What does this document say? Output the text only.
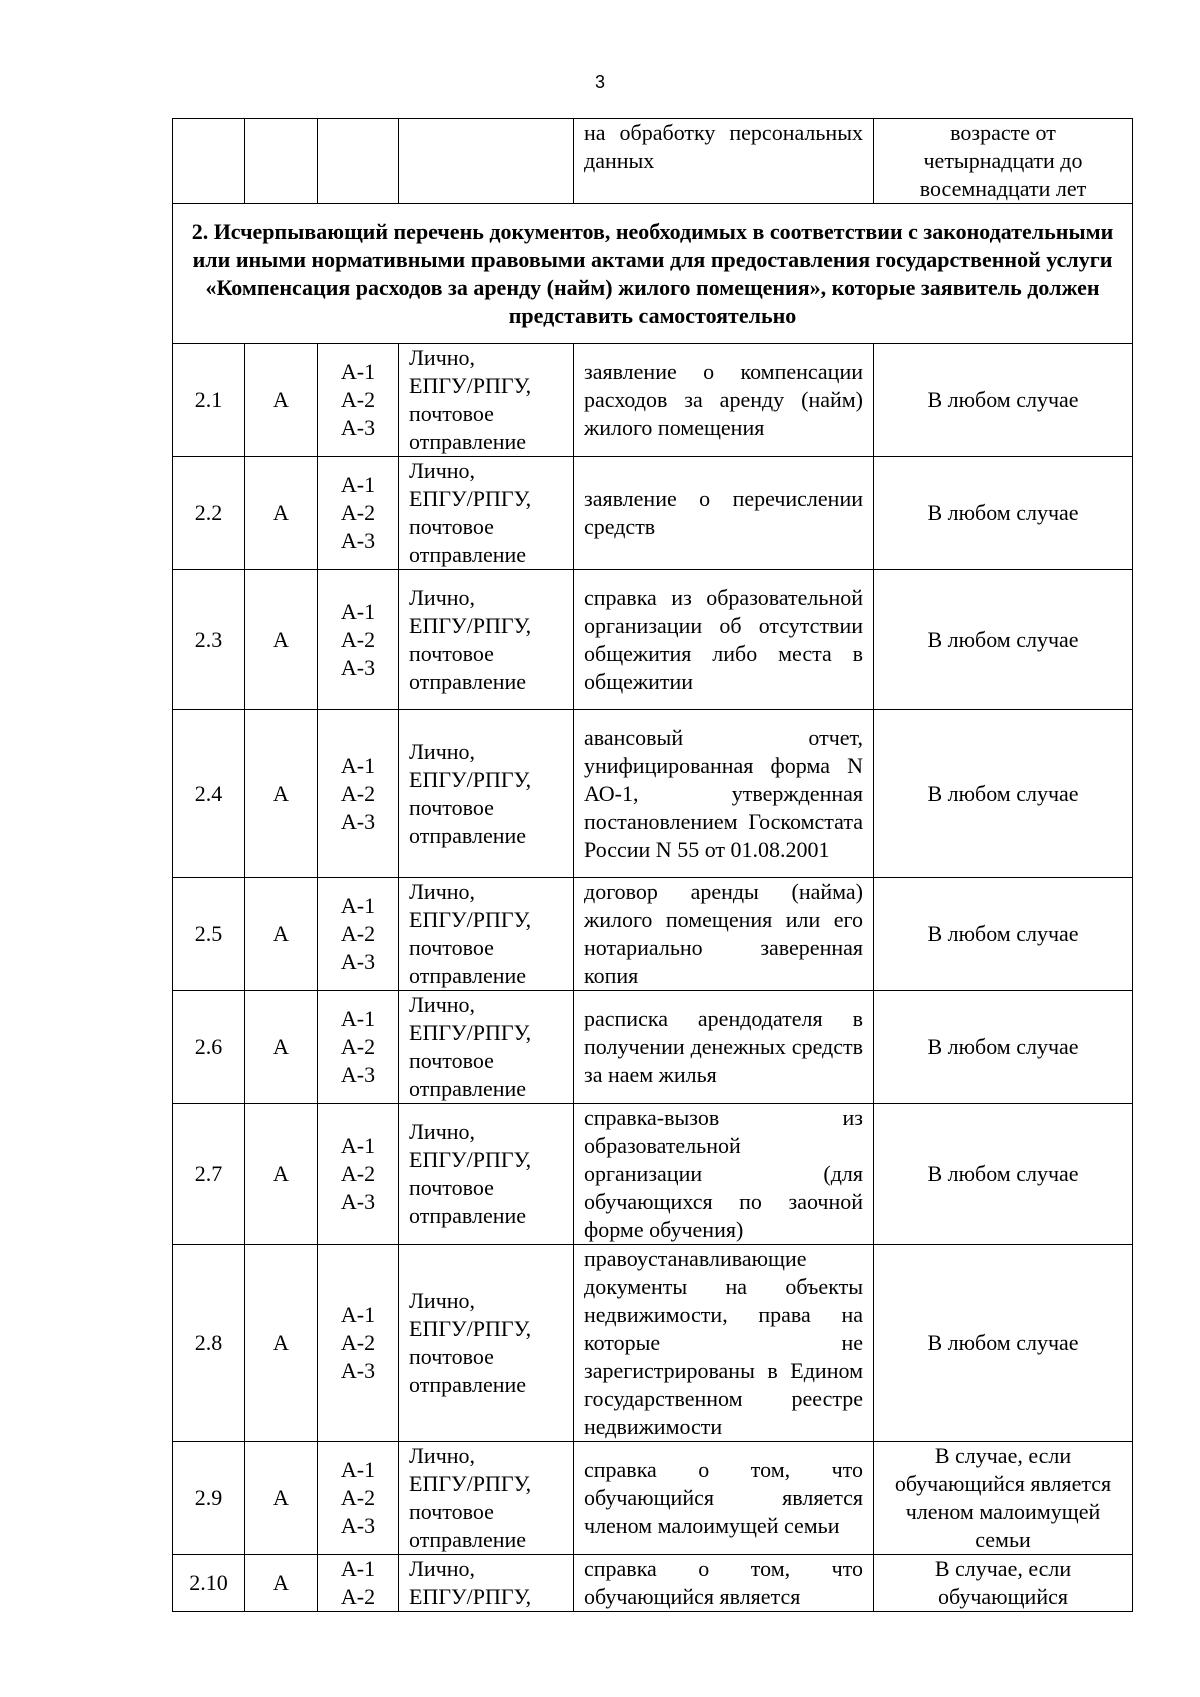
3
				на обработку персональных данных	возрасте от четырнадцати до восемнадцати лет
2. Исчерпывающий перечень документов, необходимых в соответствии с законодательными или иными нормативными правовыми актами для предоставления государственной услуги «Компенсация расходов за аренду (найм) жилого помещения», которые заявитель должен представить самостоятельно					
2.1	А	А-1
А-2
А-3	Лично,
ЕПГУ/РПГУ,
почтовое
отправление	заявление о компенсации расходов за аренду (найм) жилого помещения	В любом случае
2.2	А	А-1
А-2
А-3	Лично,
ЕПГУ/РПГУ,
почтовое
отправление	заявление о перечислении средств	В любом случае
2.3	А	А-1
А-2
А-3	Лично,
ЕПГУ/РПГУ,
почтовое
отправление	справка из образовательной организации об отсутствии общежития либо места в общежитии	В любом случае
2.4	А	А-1
А-2
А-3	Лично,
ЕПГУ/РПГУ,
почтовое
отправление	авансовый отчет, унифицированная форма N АО-1, утвержденная постановлением Госкомстата России N 55 от 01.08.2001	В любом случае
2.5	А	А-1
А-2
А-3	Лично,
ЕПГУ/РПГУ,
почтовое
отправление	договор аренды (найма) жилого помещения или его нотариально заверенная копия	В любом случае
2.6	А	А-1
А-2
А-3	Лично,
ЕПГУ/РПГУ,
почтовое
отправление	расписка арендодателя в получении денежных средств за наем жилья	В любом случае
2.7	А	А-1
А-2
А-3	Лично,
ЕПГУ/РПГУ,
почтовое
отправление	справка-вызов из образовательной организации (для обучающихся по заочной форме обучения)	В любом случае
2.8	А	А-1
А-2
А-3	Лично,
ЕПГУ/РПГУ,
почтовое
отправление	правоустанавливающие документы на объекты недвижимости, права на которые не зарегистрированы в Едином государственном реестре недвижимости	В любом случае
2.9	А	А-1
А-2
А-3	Лично,
ЕПГУ/РПГУ,
почтовое
отправление	справка о том, что обучающийся является членом малоимущей семьи	В случае, если обучающийся является членом малоимущей семьи
2.10	А	А-1
А-2	Лично,
ЕПГУ/РПГУ,	справка о том, что обучающийся является	В случае, если обучающийся
